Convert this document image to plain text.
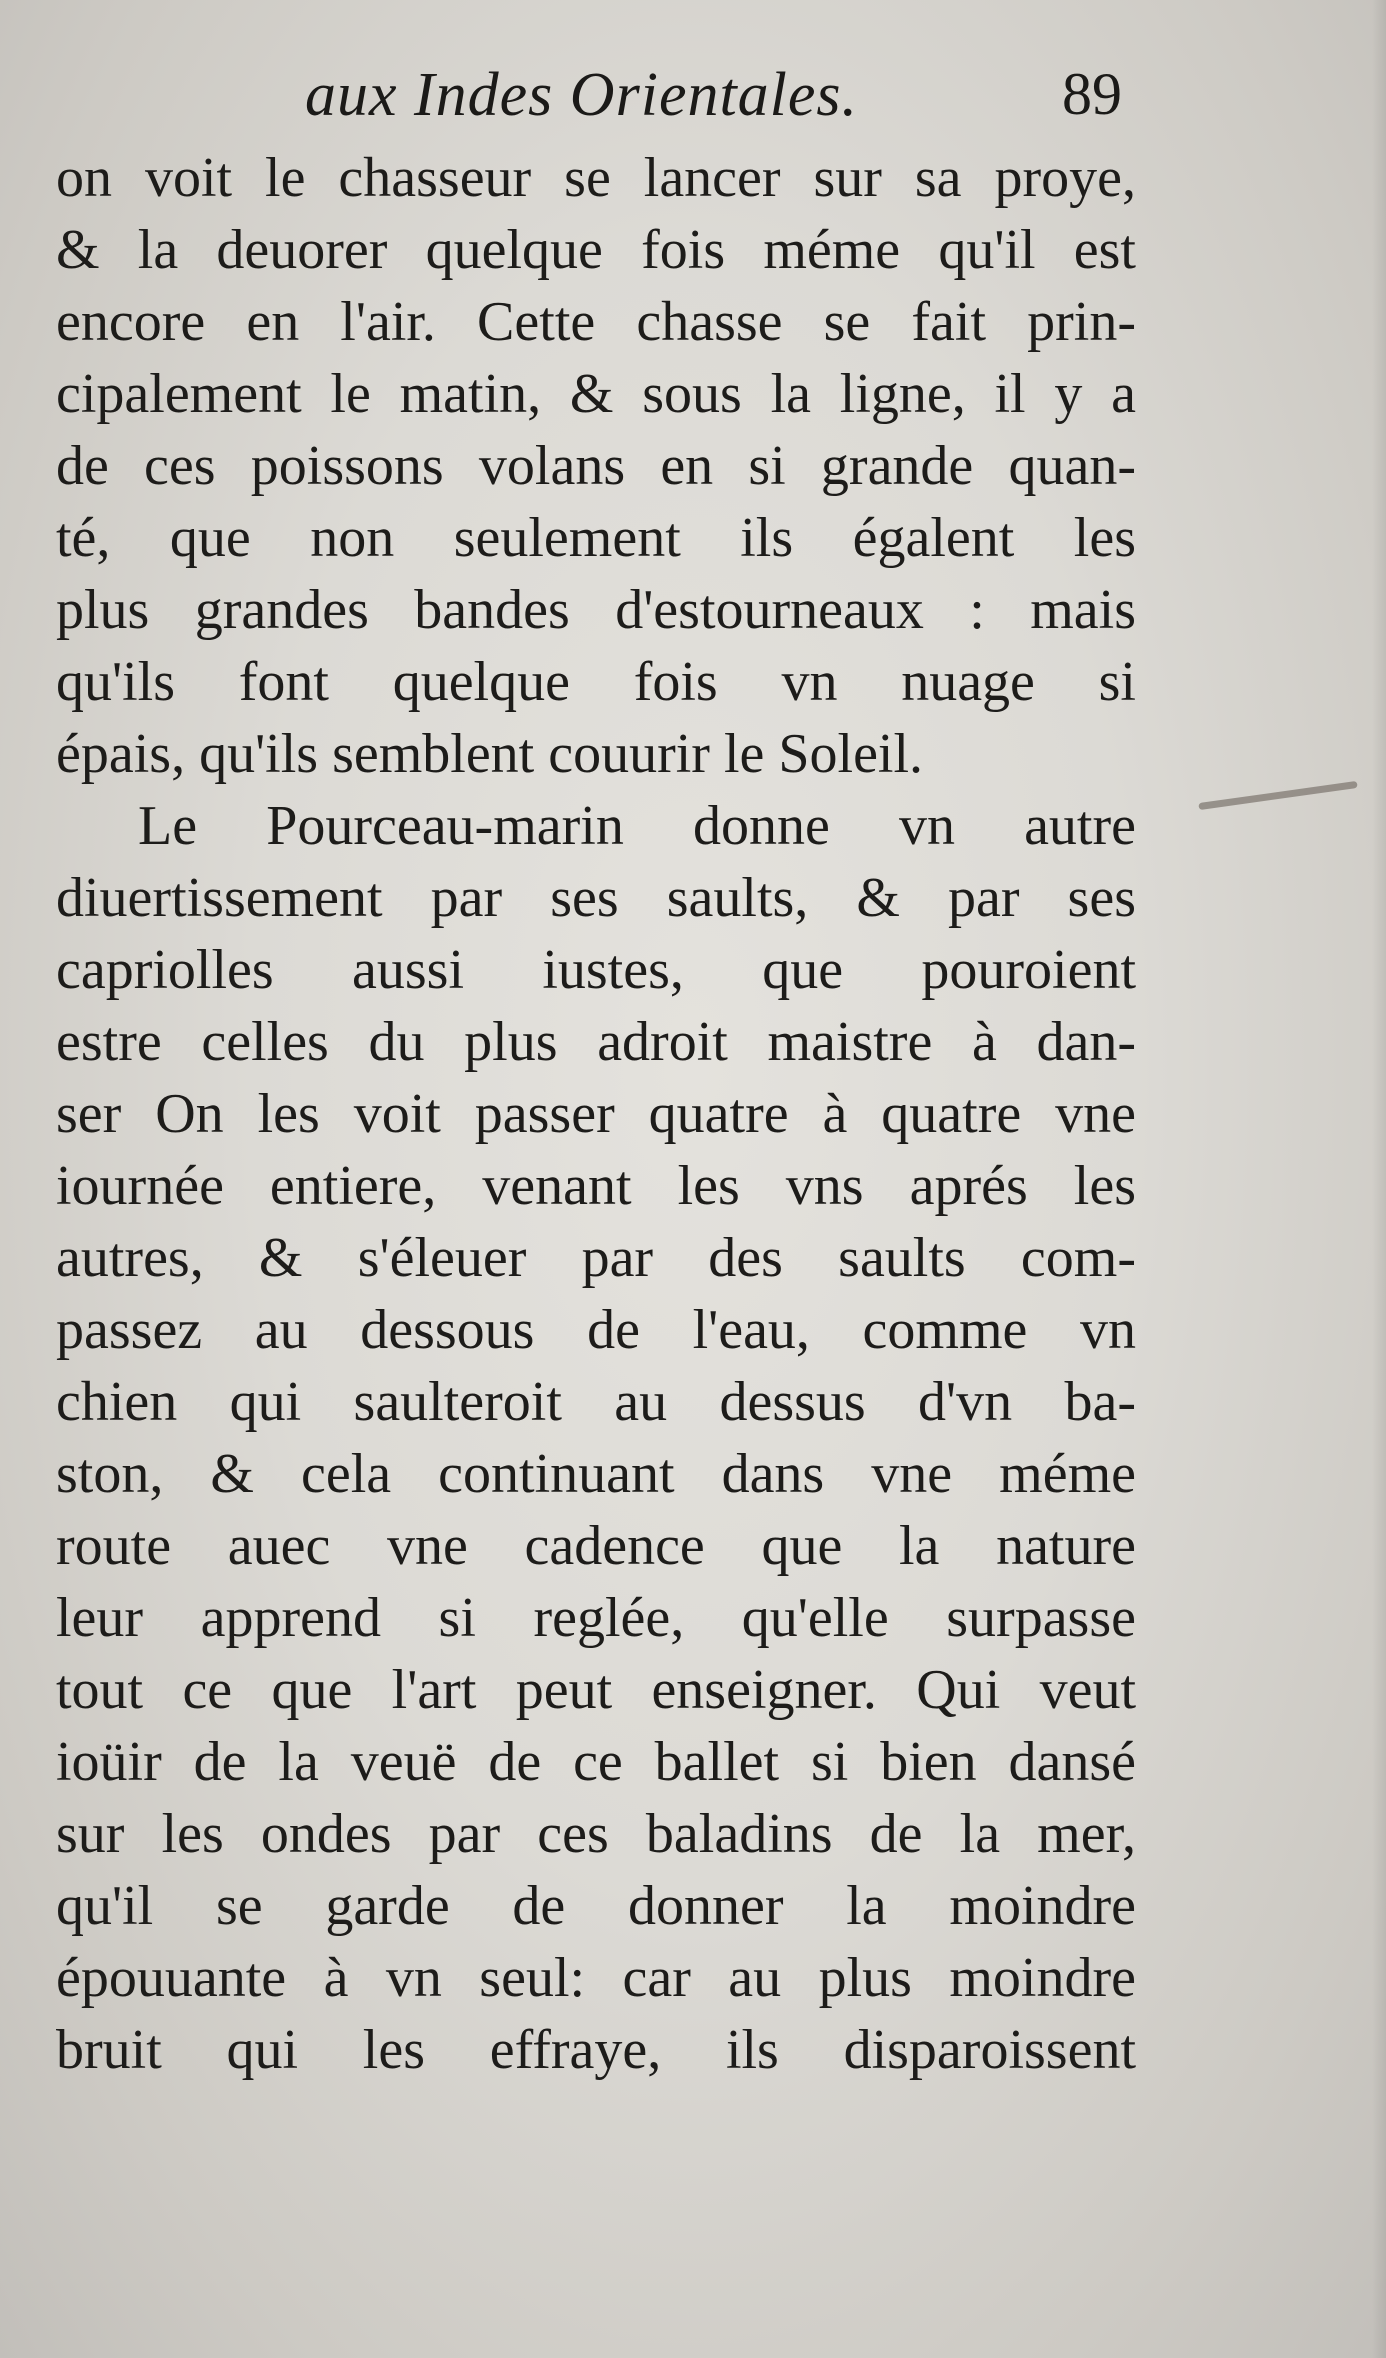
aux Indes Orientales.	89
on voit le chasseur se lancer sur sa proye,
& la deuorer quelque fois méme qu'il est
encore en l'air. Cette chasse se fait prin-
cipalement le matin, & sous la ligne, il y a
de ces poissons volans en si grande quan-
té, que non seulement ils égalent les
plus grandes bandes d'estourneaux : mais
qu'ils font quelque fois vn nuage si
épais, qu'ils semblent couurir le Soleil.
Le Pourceau-marin donne vn autre
diuertissement par ses saults, & par ses
capriolles aussi iustes, que pouroient
estre celles du plus adroit maistre à dan-
ser On les voit passer quatre à quatre vne
iournée entiere, venant les vns aprés les
autres, & s'éleuer par des saults com-
passez au dessous de l'eau, comme vn
chien qui saulteroit au dessus d'vn ba-
ston, & cela continuant dans vne méme
route auec vne cadence que la nature
leur apprend si reglée, qu'elle surpasse
tout ce que l'art peut enseigner. Qui veut
ioüir de la veuë de ce ballet si bien dansé
sur les ondes par ces baladins de la mer,
qu'il se garde de donner la moindre
épouuante à vn seul: car au plus moindre
bruit qui les effraye, ils disparoissent
